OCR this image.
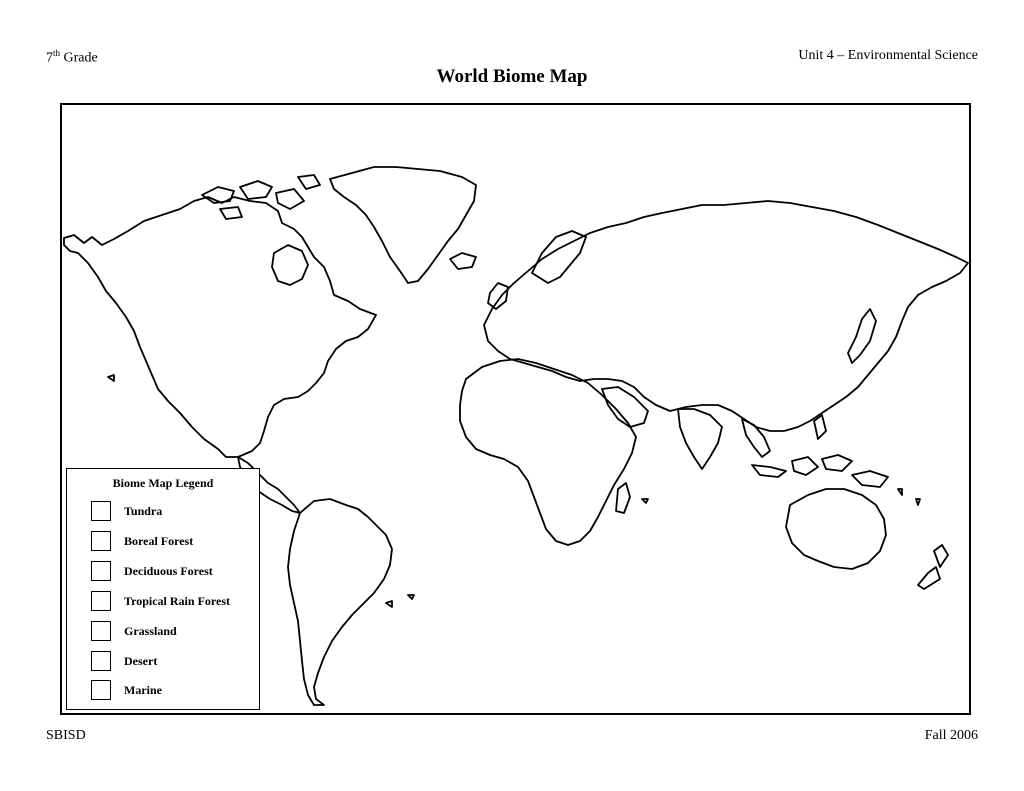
7th Grade	Unit 4 – Environmental Science
World Biome Map
Biome Map Legend
Tundra
Boreal Forest
Deciduous Forest
Tropical Rain Forest
Grassland
Desert
Marine
SBISD	Fall 2006
